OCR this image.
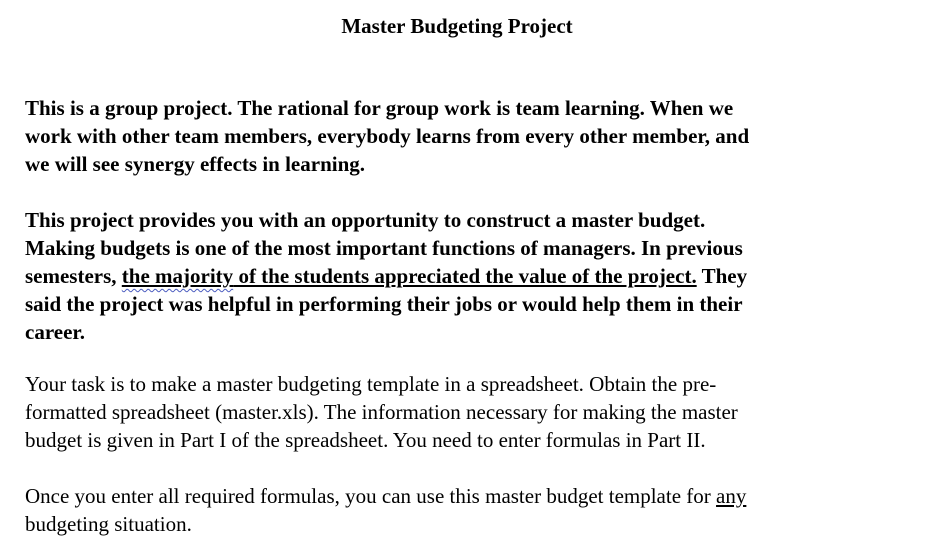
Master Budgeting Project

This is a group project. The rational for group work is team learning. When we
work with other team members, everybody learns from every other member, and
we will see synergy effects in learning.

This project provides you with an opportunity to construct a master budget.
Making budgets is one of the most important functions of managers. In previous
semesters, the majority of the students appreciated the value of the project. They
said the project was helpful in performing their jobs or would help them in their
career.

Your task is to make a master budgeting template in a spreadsheet. Obtain the pre-
formatted spreadsheet (master.xls). The information necessary for making the master
budget is given in Part I of the spreadsheet. You need to enter formulas in Part II.

Once you enter all required formulas, you can use this master budget template for any
budgeting situation.
